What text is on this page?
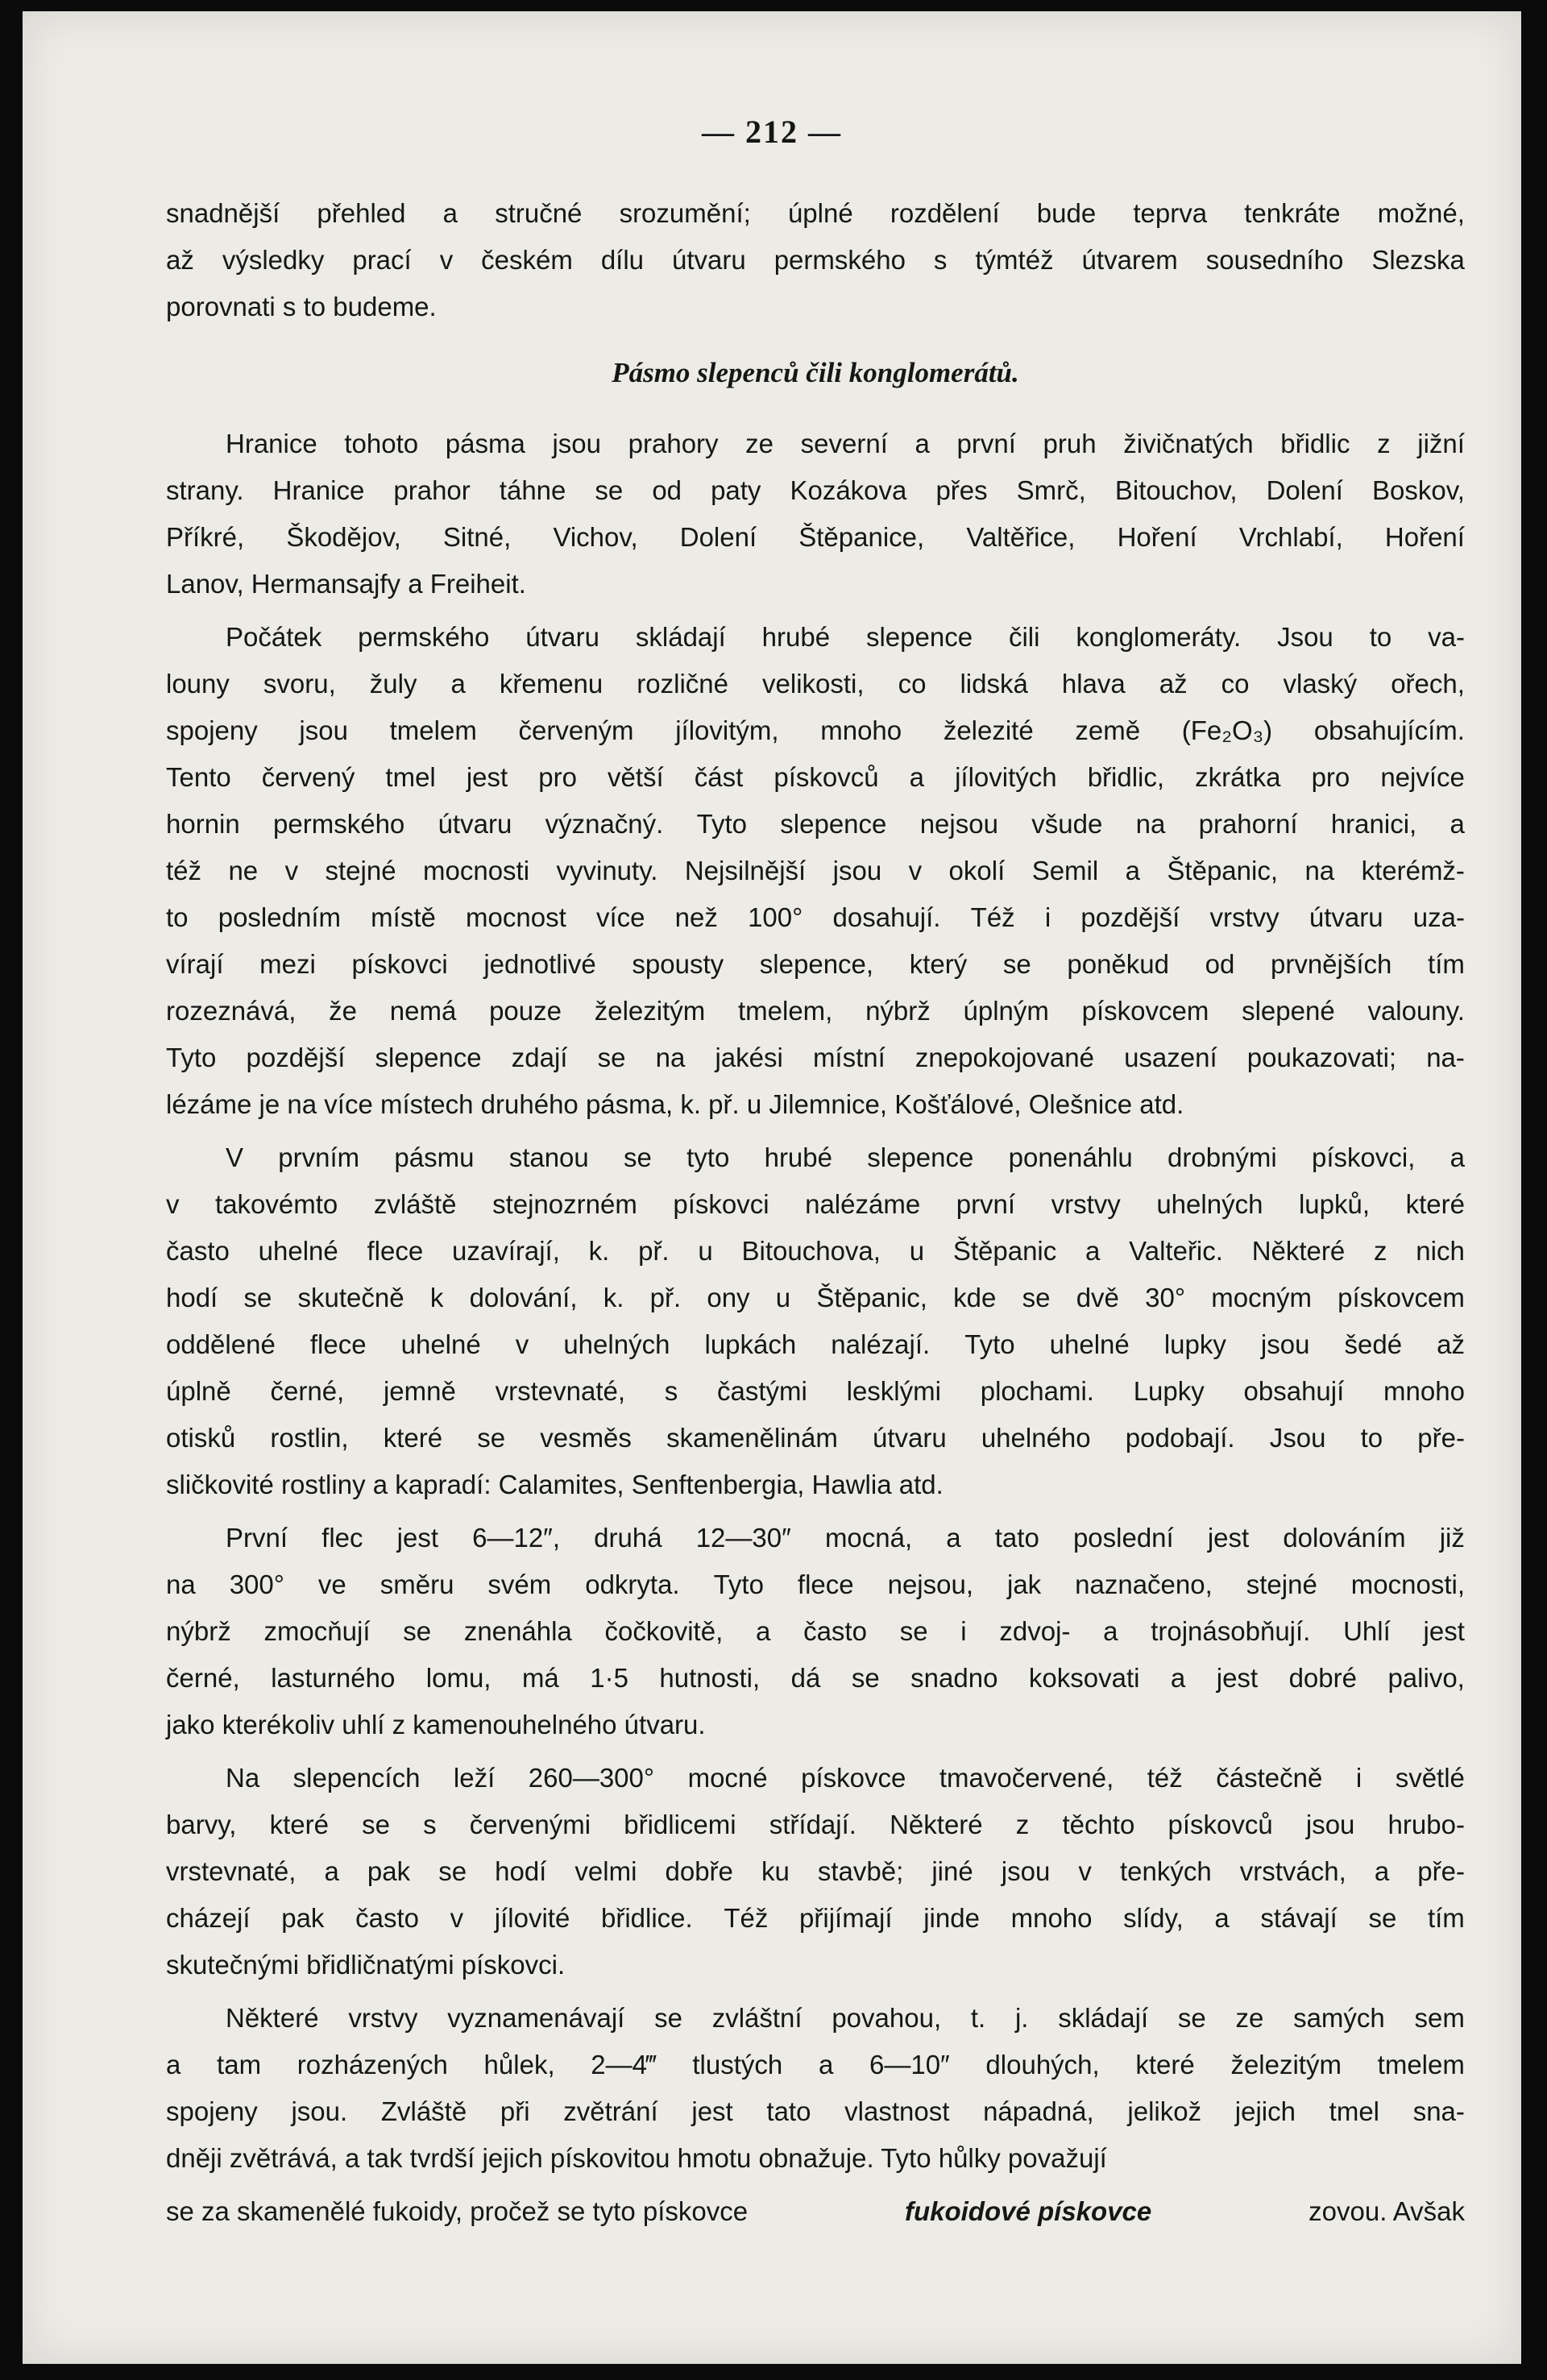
— 212 —
snadnější přehled a stručné srozumění; úplné rozdělení bude teprva tenkráte možné,
až výsledky prací v českém dílu útvaru permského s týmtéž útvarem sousedního Slezska
porovnati s to budeme.
Pásmo slepenců čili konglomerátů.
Hranice tohoto pásma jsou prahory ze severní a první pruh živičnatých břidlic z jižní
strany. Hranice prahor táhne se od paty Kozákova přes Smrč, Bitouchov, Dolení Boskov,
Příkré, Škodějov, Sitné, Vichov, Dolení Štěpanice, Valtěřice, Hoření Vrchlabí, Hoření
Lanov, Hermansajfy a Freiheit.
Počátek permského útvaru skládají hrubé slepence čili konglomeráty. Jsou to va-
louny svoru, žuly a křemenu rozličné velikosti, co lidská hlava až co vlaský ořech,
spojeny jsou tmelem červeným jílovitým, mnoho železité země (Fe₂O₃) obsahujícím.
Tento červený tmel jest pro větší část pískovců a jílovitých břidlic, zkrátka pro nejvíce
hornin permského útvaru význačný. Tyto slepence nejsou všude na prahorní hranici, a
též ne v stejné mocnosti vyvinuty. Nejsilnější jsou v okolí Semil a Štěpanic, na kterémž-
to posledním místě mocnost více než 100° dosahují. Též i pozdější vrstvy útvaru uza-
vírají mezi pískovci jednotlivé spousty slepence, který se poněkud od prvnějších tím
rozeznává, že nemá pouze železitým tmelem, nýbrž úplným pískovcem slepené valouny.
Tyto pozdější slepence zdají se na jakési místní znepokojované usazení poukazovati; na-
lézáme je na více místech druhého pásma, k. př. u Jilemnice, Košťálové, Olešnice atd.
V prvním pásmu stanou se tyto hrubé slepence ponenáhlu drobnými pískovci, a
v takovémto zvláště stejnozrném pískovci nalézáme první vrstvy uhelných lupků, které
často uhelné flece uzavírají, k. př. u Bitouchova, u Štěpanic a Valteřic. Některé z nich
hodí se skutečně k dolování, k. př. ony u Štěpanic, kde se dvě 30° mocným pískovcem
oddělené flece uhelné v uhelných lupkách nalézají. Tyto uhelné lupky jsou šedé až
úplně černé, jemně vrstevnaté, s častými lesklými plochami. Lupky obsahují mnoho
otisků rostlin, které se vesměs skamenělinám útvaru uhelného podobají. Jsou to pře-
sličkovité rostliny a kapradí: Calamites, Senftenbergia, Hawlia atd.
První flec jest 6—12″, druhá 12—30″ mocná, a tato poslední jest dolováním již
na 300° ve směru svém odkryta. Tyto flece nejsou, jak naznačeno, stejné mocnosti,
nýbrž zmocňují se znenáhla čočkovitě, a často se i zdvoj- a trojnásobňují. Uhlí jest
černé, lasturného lomu, má 1·5 hutnosti, dá se snadno koksovati a jest dobré palivo,
jako kterékoliv uhlí z kamenouhelného útvaru.
Na slepencích leží 260—300° mocné pískovce tmavočervené, též částečně i světlé
barvy, které se s červenými břidlicemi střídají. Některé z těchto pískovců jsou hrubo-
vrstevnaté, a pak se hodí velmi dobře ku stavbě; jiné jsou v tenkých vrstvách, a pře-
cházejí pak často v jílovité břidlice. Též přijímají jinde mnoho slídy, a stávají se tím
skutečnými břidličnatými pískovci.
Některé vrstvy vyznamenávají se zvláštní povahou, t. j. skládají se ze samých sem
a tam rozházených hůlek, 2—4‴ tlustých a 6—10″ dlouhých, které železitým tmelem
spojeny jsou. Zvláště při zvětrání jest tato vlastnost nápadná, jelikož jejich tmel sna-
dněji zvětrává, a tak tvrdší jejich pískovitou hmotu obnažuje. Tyto hůlky považují
se za skamenělé fukoidy, pročež se tyto pískovce	fukoidové pískovce	zovou. Avšak
